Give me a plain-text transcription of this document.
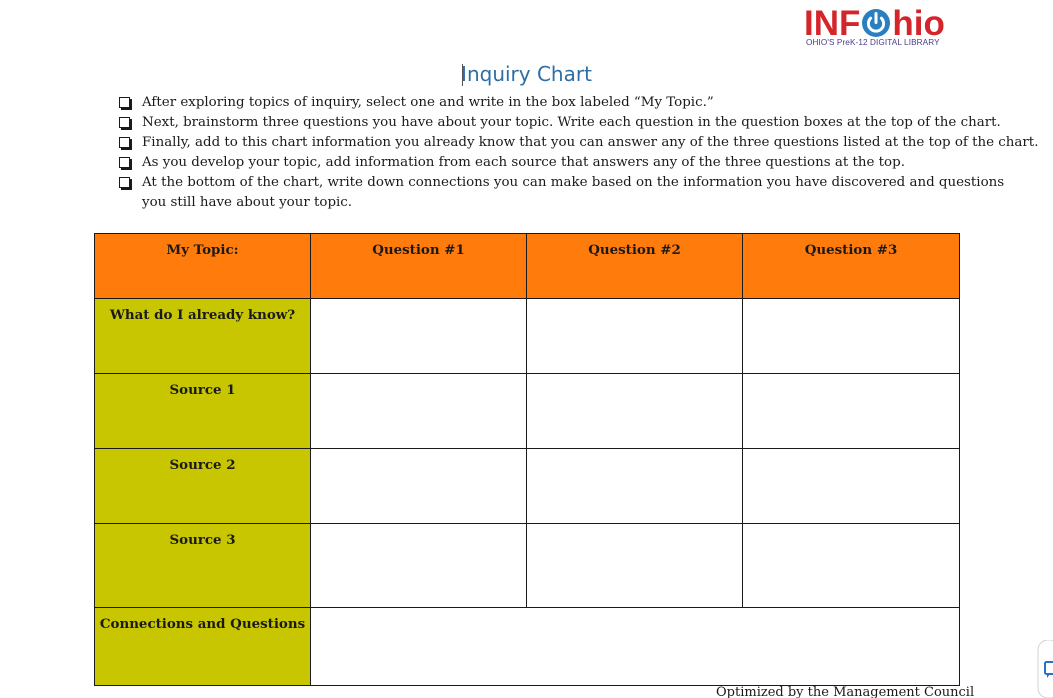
INF hio
OHIO'S PreK-12 DIGITAL LIBRARY
Inquiry Chart
After exploring topics of inquiry, select one and write in the box labeled “My Topic.”
Next, brainstorm three questions you have about your topic. Write each question in the question boxes at the top of the chart.
Finally, add to this chart information you already know that you can answer any of the three questions listed at the top of the chart.
As you develop your topic, add information from each source that answers any of the three questions at the top.
At the bottom of the chart, write down connections you can make based on the information you have discovered and questions
you still have about your topic.
My Topic:	Question #1	Question #2	Question #3
What do I already know?			
Source 1			
Source 2			
Source 3			
Connections and Questions			
Optimized by the Management Council
